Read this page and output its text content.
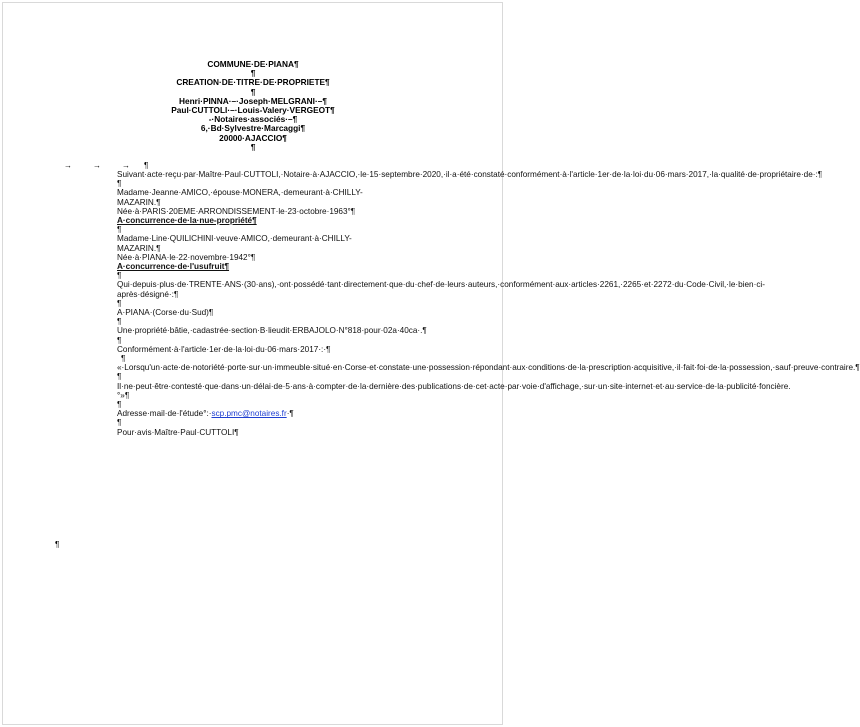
COMMUNE·DE·PIANA¶
¶
CREATION·DE·TITRE·DE·PROPRIETE¶
¶
Henri·PINNA·–·Joseph·MELGRANI·–¶
Paul·CUTTOLI·–·Louis-Valery·VERGEOT¶
-·Notaires·associés·–¶
6,·Bd·Sylvestre·Marcaggi¶
20000·AJACCIO¶
¶
→	→	→	¶

Suivant·acte·reçu·par·Maître·Paul·CUTTOLI,·Notaire·à·AJACCIO,·le·15·septembre·2020,·il·a·été·constaté·conformément·à·l'article·1er·de·la·loi·du·06·mars·2017,·la·qualité·de·propriétaire·de·:¶

¶

Madame·Jeanne·AMICO,·épouse·MONERA,·demeurant·à·CHILLY-MAZARIN.¶

Née·à·PARIS·20EME·ARRONDISSEMENT·le·23·octobre·1963°¶

A·concurrence·de·la·nue-propriété¶

¶

Madame·Line·QUILICHINI·veuve·AMICO,·demeurant·à·CHILLY-MAZARIN.¶

Née·à·PIANA·le·22·novembre·1942°¶

A·concurrence·de·l'usufruit¶

¶

Qui·depuis·plus·de·TRENTE·ANS·(30·ans),·ont·possédé·tant·directement·que·du·chef·de·leurs·auteurs,·conformément·aux·articles·2261,·2265·et·2272·du·Code·Civil,·le·bien·ci-après·désigné·:¶

¶

A·PIANA·(Corse·du·Sud)¶

¶

Une·propriété·bâtie,·cadastrée·section·B·lieudit·ERBAJOLO·N°818·pour·02a·40ca·.¶

¶

Conformément·à·l'article·1er·de·la·loi·du·06·mars·2017·:·¶

¶

«·Lorsqu'un·acte·de·notoriété·porte·sur·un·immeuble·situé·en·Corse·et·constate·une·possession·répondant·aux·conditions·de·la·prescription·acquisitive,·il·fait·foi·de·la·possession,·sauf·preuve·contraire.¶

¶

Il·ne·peut·être·contesté·que·dans·un·délai·de·5·ans·à·compter·de·la·dernière·des·publications·de·cet·acte·par·voie·d'affichage,·sur·un·site·internet·et·au·service·de·la·publicité·foncière.°»¶

¶

Adresse·mail·de·l'étude°:·scp.pmc@notaires.fr·¶

¶

Pour·avis·Maître·Paul·CUTTOLI¶

¶
